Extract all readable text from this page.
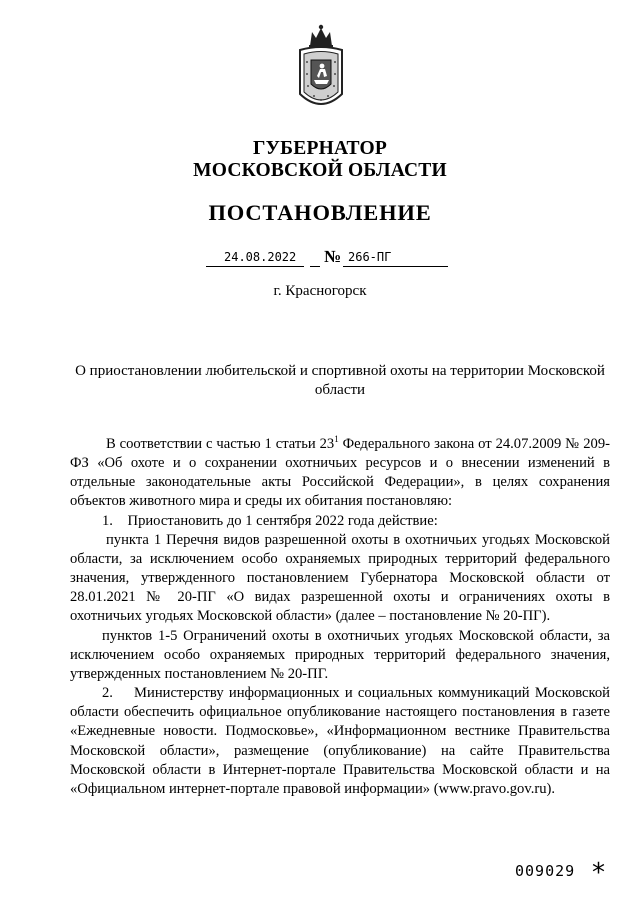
ГУБЕРНАТОР
МОСКОВСКОЙ ОБЛАСТИ
ПОСТАНОВЛЕНИЕ
24.08.2022 № 266-ПГ
г. Красногорск
О приостановлении любительской и спортивной охоты на территории Московской области

В соответствии с частью 1 статьи $23^1$ Федерального закона от 24.07.2009 № 209-ФЗ «Об охоте и о сохранении охотничьих ресурсов и о внесении изменений в отдельные законодательные акты Российской Федерации», в целях сохранения объектов животного мира и среды их обитания постановляю:

1.    Приостановить до 1 сентября 2022 года действие:

пункта 1 Перечня видов разрешенной охоты в охотничьих угодьях Московской области, за исключением особо охраняемых природных территорий федерального значения, утвержденного постановлением Губернатора Московской области от 28.01.2021 № 20-ПГ «О видах разрешенной охоты и ограничениях охоты в охотничьих угодьях Московской области» (далее – постановление № 20-ПГ).

пунктов 1-5 Ограничений охоты в охотничьих угодьях Московской области, за исключением особо охраняемых природных территорий федерального значения, утвержденных постановлением № 20-ПГ.

2.    Министерству информационных и социальных коммуникаций Московской области обеспечить официальное опубликование настоящего постановления в газете «Ежедневные новости. Подмосковье», «Информационном вестнике Правительства Московской области», размещение (опубликование) на сайте Правительства Московской области в Интернет-портале Правительства Московской области и на «Официальном интернет-портале правовой информации» (www.pravo.gov.ru).

009029 *
